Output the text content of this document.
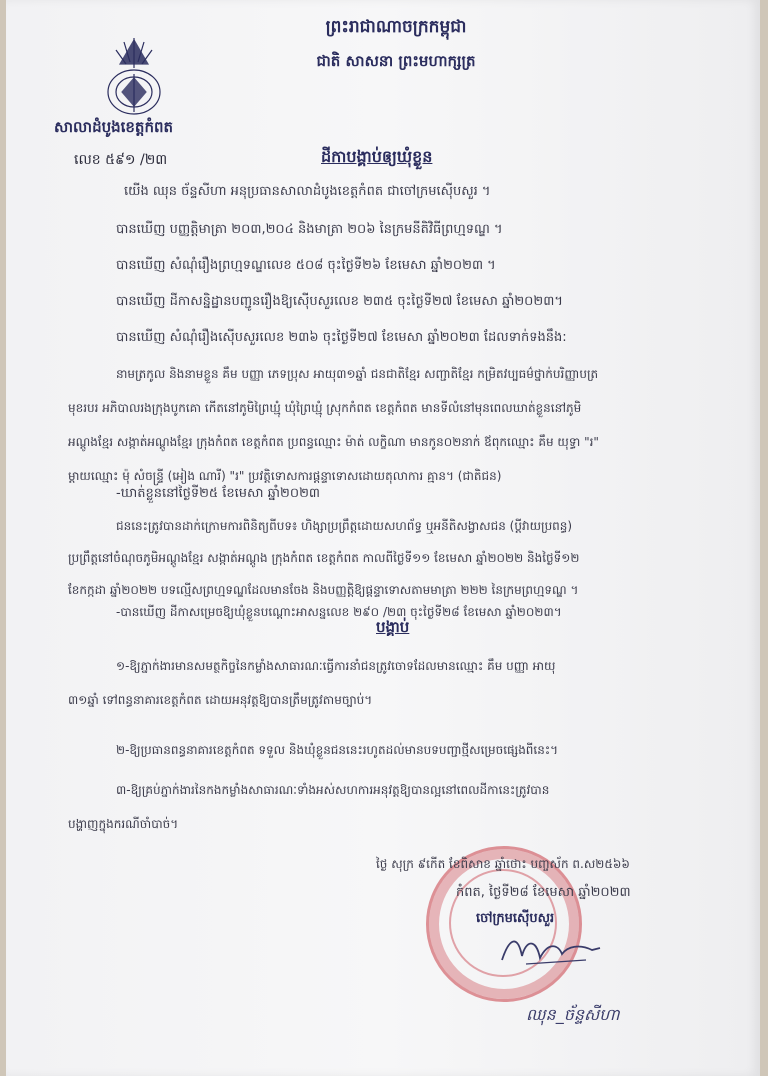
ព្រះរាជាណាចក្រកម្ពុជា
ជាតិ សាសនា ព្រះមហាក្សត្រ
សាលាដំបូងខេត្តកំពត
លេខ ៥៩១ /២៣	ដីកាបង្គាប់ឲ្យឃុំខ្លួន
យើង ឈុន ច័ន្ទសីហា អនុប្រធានសាលាដំបូងខេត្តកំពត ជាចៅក្រមស៊ើបសួរ ។
បានឃើញ បញ្ញត្តិមាត្រា ២០៣,២០៤ និងមាត្រា ២០៦ នៃក្រមនីតិវិធីព្រហ្មទណ្ឌ ។
បានឃើញ សំណុំរឿងព្រហ្មទណ្ឌលេខ ៥០៨ ចុះថ្ងៃទី២៦ ខែមេសា ឆ្នាំ២០២៣ ។
បានឃើញ ដីកាសន្និដ្ឋានបញ្ជូនរឿងឱ្យស៊ើបសួរលេខ ២៣៥ ចុះថ្ងៃទី២៧ ខែមេសា ឆ្នាំ២០២៣។
បានឃើញ សំណុំរឿងស៊ើបសួរលេខ ២៣៦ ចុះថ្ងៃទី២៧ ខែមេសា ឆ្នាំ២០២៣ ដែលទាក់ទងនឹង:
នាមត្រកូល និងនាមខ្លួន គឹម បញ្ញា ភេទប្រុស អាយុ៣១ឆ្នាំ ជនជាតិខ្មែរ សញ្ជាតិខ្មែរ កម្រិតវប្បធម៌ថ្នាក់បរិញ្ញាបត្រ
មុខរបរ អភិបាលរងក្រុងបូកគោ កើតនៅភូមិព្រៃឃ្មុំ ឃុំព្រៃឃ្មុំ ស្រុកកំពត ខេត្តកំពត មានទីលំនៅមុនពេលឃាត់ខ្លួននៅភូមិ
អណ្ដូងខ្មែរ សង្កាត់អណ្ដូងខ្មែរ ក្រុងកំពត ខេត្តកំពត ប្រពន្ធឈ្មោះ ម៉ាត់ លក្ខិណា មានកូន០២នាក់ ឪពុកឈ្មោះ គឹម យុទ្ធា "រ"
ម្ដាយឈ្មោះ ម៉ុ សំចន្ទ្រី (អៀង ណារី) "រ" ប្រវត្តិទោសការផ្ដន្ទាទោសដោយតុលាការ គ្មាន។ (ជាតិជន)
-ឃាត់ខ្លួននៅថ្ងៃទី២៥ ខែមេសា ឆ្នាំ២០២៣
ជននេះត្រូវបានដាក់ក្រោមការពិនិត្យពីបទ៖ ហិង្សាប្រព្រឹត្តដោយសហព័ទ្ធ ឬអនីតិសង្វាសជន (ប្ដីវាយប្រពន្ធ)
ប្រព្រឹត្តនៅចំណុចភូមិអណ្ដូងខ្មែរ សង្កាត់អណ្ដូង ក្រុងកំពត ខេត្តកំពត កាលពីថ្ងៃទី១១ ខែមេសា ឆ្នាំ២០២២ និងថ្ងៃទី១២
ខែកក្កដា ឆ្នាំ២០២២ បទល្មើសព្រហ្មទណ្ឌដែលមានចែង និងបញ្ញត្តិឱ្យផ្ដន្ទាទោសតាមមាត្រា ២២២ នៃក្រមព្រហ្មទណ្ឌ ។
-បានឃើញ ដីកាសម្រេចឱ្យឃុំខ្លួនបណ្ដោះអាសន្នលេខ ២៩០ /២៣ ចុះថ្ងៃទី២៨ ខែមេសា ឆ្នាំ២០២៣។
បង្គាប់
១-ឱ្យភ្នាក់ងារមានសមត្ថកិច្ចនៃកម្លាំងសាធារណៈធ្វើការនាំជនត្រូវចោទដែលមានឈ្មោះ គឹម បញ្ញា អាយុ
៣១ឆ្នាំ ទៅពន្ធនាគារខេត្តកំពត ដោយអនុវត្តឱ្យបានត្រឹមត្រូវតាមច្បាប់។
២-ឱ្យប្រធានពន្ធនាគារខេត្តកំពត ទទួល និងឃុំខ្លួនជននេះរហូតដល់មានបទបញ្ជាថ្មីសម្រេចផ្សេងពីនេះ។
៣-ឱ្យគ្រប់ភ្នាក់ងារនៃកងកម្លាំងសាធារណៈទាំងអស់សហការអនុវត្តឱ្យបានល្អនៅពេលដីកានេះត្រូវបាន
បង្ហាញក្នុងករណីចាំបាច់។
ថ្ងៃ សុក្រ ៩កើត ខែពិសាខ ឆ្នាំថោះ បញ្ចស័ក ព.ស២៥៦៦
កំពត, ថ្ងៃទី២៨ ខែមេសា ឆ្នាំ២០២៣
ចៅក្រមស៊ើបសួរ
ឈុន_ច័ន្ទសីហា
